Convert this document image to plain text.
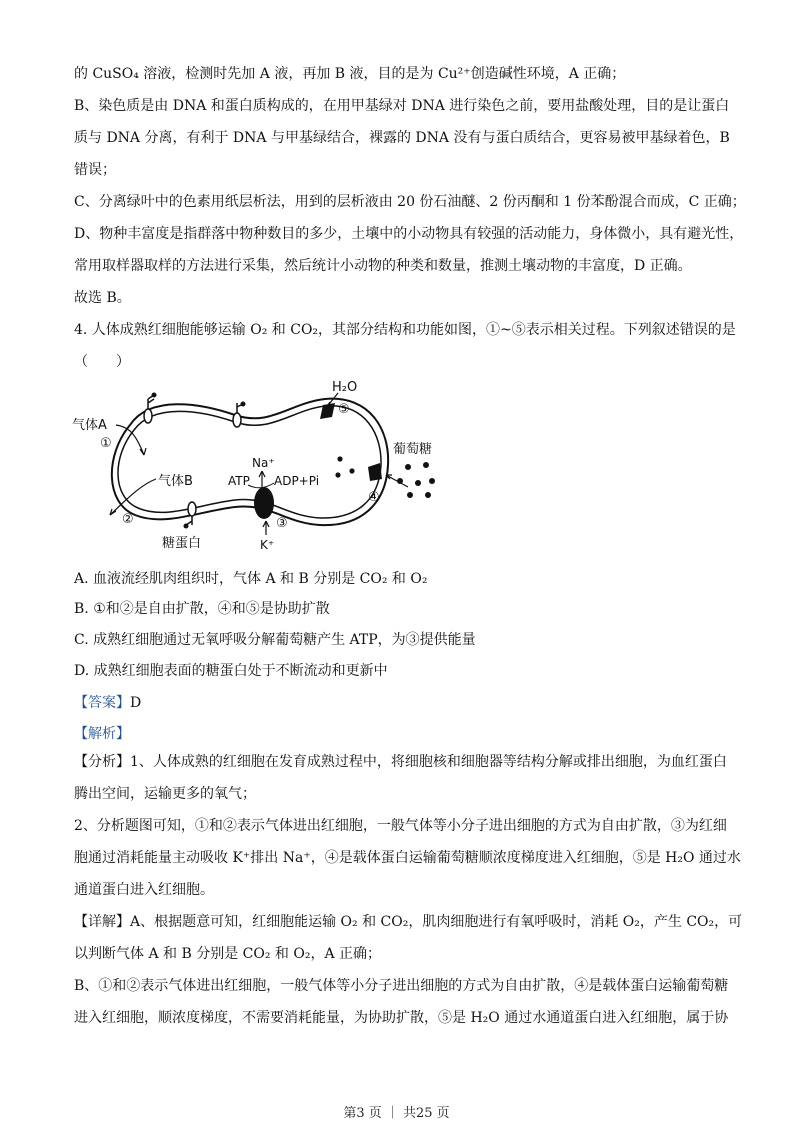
的 CuSO₄ 溶液，检测时先加 A 液，再加 B 液，目的是为 Cu²⁺创造碱性环境，A 正确；

B、染色质是由 DNA 和蛋白质构成的，在用甲基绿对 DNA 进行染色之前，要用盐酸处理，目的是让蛋白

质与 DNA 分离，有利于 DNA 与甲基绿结合，裸露的 DNA 没有与蛋白质结合，更容易被甲基绿着色，B

错误；

C、分离绿叶中的色素用纸层析法，用到的层析液由 20 份石油醚、2 份丙酮和 1 份苯酚混合而成，C 正确；

D、物种丰富度是指群落中物种数目的多少，土壤中的小动物具有较强的活动能力，身体微小，具有避光性，

常用取样器取样的方法进行采集，然后统计小动物的种类和数量，推测土壤动物的丰富度，D 正确。

故选 B。

4. 人体成熟红细胞能够运输 O₂ 和 CO₂，其部分结构和功能如图，①~⑤表示相关过程。下列叙述错误的是

（　　）

H₂O
⑤
④
葡萄糖
气体A
①
气体B
②
糖蛋白
Na⁺
ATP ADP+Pi
K⁺
③
A. 血液流经肌肉组织时，气体 A 和 B 分别是 CO₂ 和 O₂
B. ①和②是自由扩散，④和⑤是协助扩散
C. 成熟红细胞通过无氧呼吸分解葡萄糖产生 ATP，为③提供能量
D. 成熟红细胞表面的糖蛋白处于不断流动和更新中
【答案】D
【解析】

【分析】1、人体成熟的红细胞在发育成熟过程中，将细胞核和细胞器等结构分解或排出细胞，为血红蛋白

腾出空间，运输更多的氧气；

2、分析题图可知，①和②表示气体进出红细胞，一般气体等小分子进出细胞的方式为自由扩散，③为红细

胞通过消耗能量主动吸收 K⁺排出 Na⁺，④是载体蛋白运输葡萄糖顺浓度梯度进入红细胞，⑤是 H₂O 通过水

通道蛋白进入红细胞。

【详解】A、根据题意可知，红细胞能运输 O₂ 和 CO₂，肌肉细胞进行有氧呼吸时，消耗 O₂，产生 CO₂，可

以判断气体 A 和 B 分别是 CO₂ 和 O₂，A 正确；

B、①和②表示气体进出红细胞，一般气体等小分子进出细胞的方式为自由扩散，④是载体蛋白运输葡萄糖

进入红细胞，顺浓度梯度，不需要消耗能量，为协助扩散，⑤是 H₂O 通过水通道蛋白进入红细胞，属于协

第3 页 ｜ 共25 页
